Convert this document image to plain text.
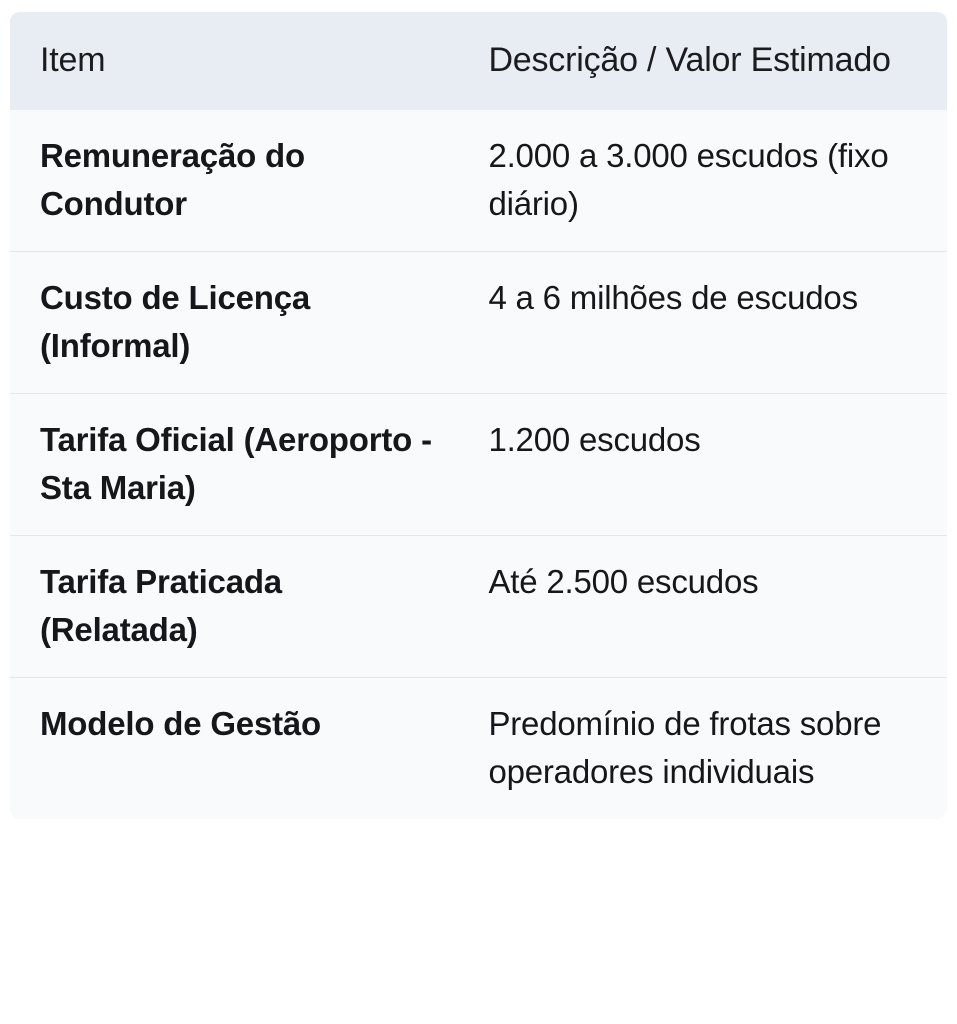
Item	Descrição / Valor Estimado
Remuneração do Condutor	2.000 a 3.000 escudos (fixo diário)
Custo de Licença (Informal)	4 a 6 milhões de escudos
Tarifa Oficial (Aeroporto - Sta Maria)	1.200 escudos
Tarifa Praticada (Relatada)	Até 2.500 escudos
Modelo de Gestão	Predomínio de frotas sobre operadores individuais
